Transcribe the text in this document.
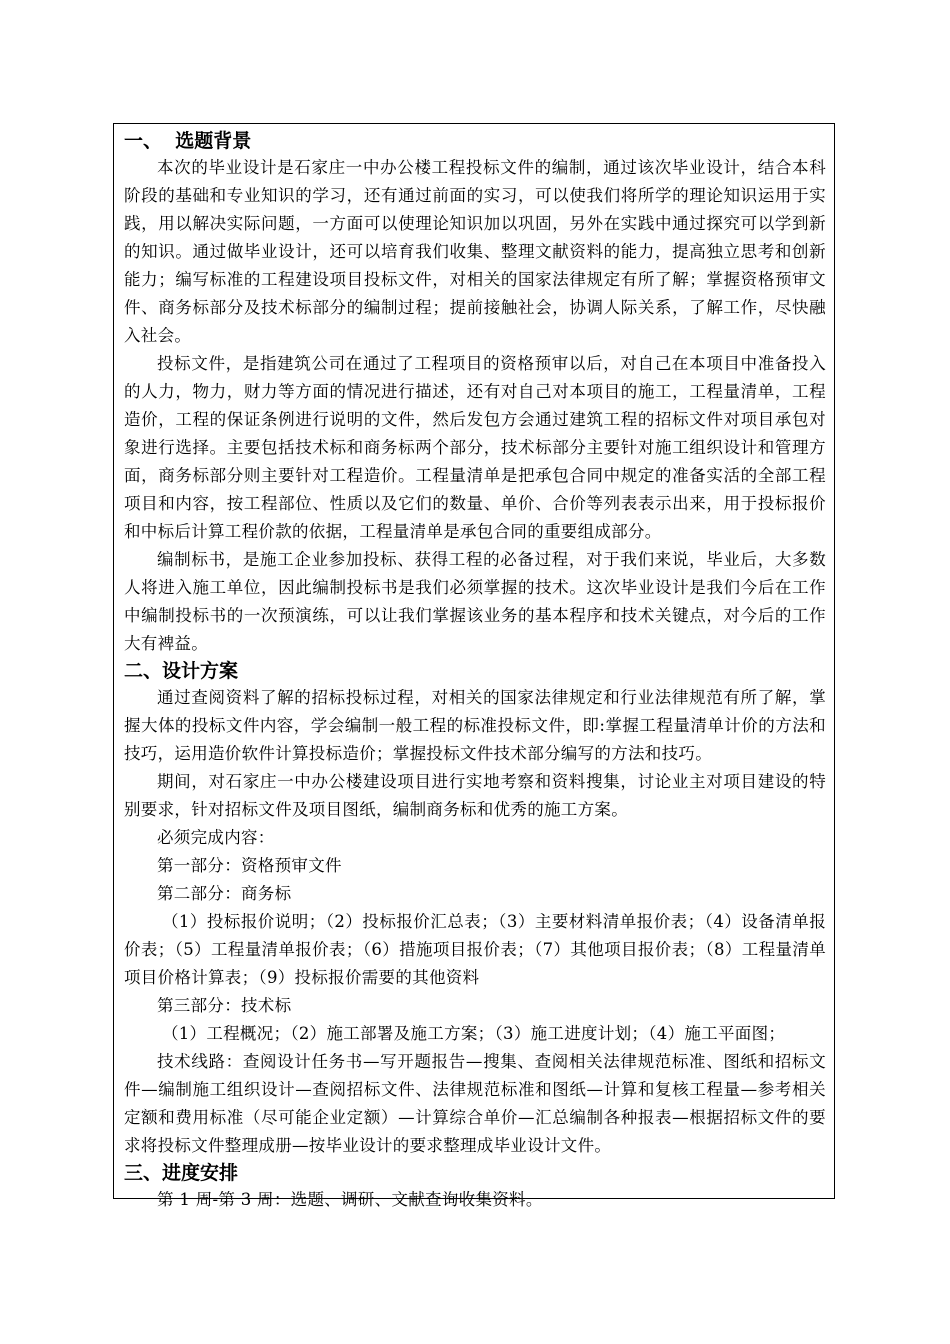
一、  选题背景

本次的毕业设计是石家庄一中办公楼工程投标文件的编制，通过该次毕业设计，结合本科阶段的基础和专业知识的学习，还有通过前面的实习，可以使我们将所学的理论知识运用于实践，用以解决实际问题，一方面可以使理论知识加以巩固，另外在实践中通过探究可以学到新的知识。通过做毕业设计，还可以培育我们收集、整理文献资料的能力，提高独立思考和创新能力；编写标准的工程建设项目投标文件，对相关的国家法律规定有所了解；掌握资格预审文件、商务标部分及技术标部分的编制过程；提前接触社会，协调人际关系，了解工作，尽快融入社会。

投标文件，是指建筑公司在通过了工程项目的资格预审以后，对自己在本项目中准备投入的人力，物力，财力等方面的情况进行描述，还有对自己对本项目的施工，工程量清单，工程造价，工程的保证条例进行说明的文件，然后发包方会通过建筑工程的招标文件对项目承包对象进行选择。主要包括技术标和商务标两个部分，技术标部分主要针对施工组织设计和管理方面，商务标部分则主要针对工程造价。工程量清单是把承包合同中规定的准备实活的全部工程项目和内容，按工程部位、性质以及它们的数量、单价、合价等列表表示出来，用于投标报价和中标后计算工程价款的依据，工程量清单是承包合同的重要组成部分。

编制标书，是施工企业参加投标、获得工程的必备过程，对于我们来说，毕业后，大多数人将进入施工单位，因此编制投标书是我们必须掌握的技术。这次毕业设计是我们今后在工作中编制投标书的一次预演练，可以让我们掌握该业务的基本程序和技术关键点，对今后的工作大有裨益。

二、设计方案

通过查阅资料了解的招标投标过程，对相关的国家法律规定和行业法律规范有所了解，掌握大体的投标文件内容，学会编制一般工程的标准投标文件，即:掌握工程量清单计价的方法和技巧，运用造价软件计算投标造价；掌握投标文件技术部分编写的方法和技巧。

期间，对石家庄一中办公楼建设项目进行实地考察和资料搜集，讨论业主对项目建设的特别要求，针对招标文件及项目图纸，编制商务标和优秀的施工方案。

必须完成内容：

第一部分：资格预审文件

第二部分：商务标

（1）投标报价说明；（2）投标报价汇总表；（3）主要材料清单报价表；（4）设备清单报价表；（5）工程量清单报价表；（6）措施项目报价表；（7）其他项目报价表；（8）工程量清单项目价格计算表；（9）投标报价需要的其他资料

第三部分：技术标

（1）工程概况；（2）施工部署及施工方案；（3）施工进度计划；（4）施工平面图；

技术线路：查阅设计任务书—写开题报告—搜集、查阅相关法律规范标准、图纸和招标文件—编制施工组织设计—查阅招标文件、法律规范标准和图纸—计算和复核工程量—参考相关定额和费用标准（尽可能企业定额）—计算综合单价—汇总编制各种报表—根据招标文件的要求将投标文件整理成册—按毕业设计的要求整理成毕业设计文件。

三、进度安排

第 1 周-第 3 周：选题、调研、文献查询收集资料。
